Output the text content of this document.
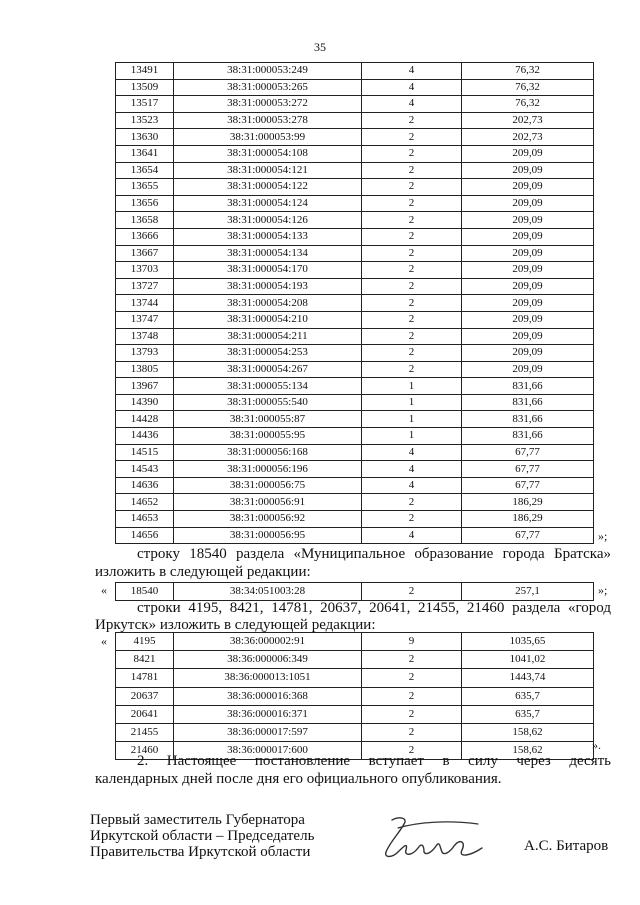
35
13491	38:31:000053:249	4	76,32
13509	38:31:000053:265	4	76,32
13517	38:31:000053:272	4	76,32
13523	38:31:000053:278	2	202,73
13630	38:31:000053:99	2	202,73
13641	38:31:000054:108	2	209,09
13654	38:31:000054:121	2	209,09
13655	38:31:000054:122	2	209,09
13656	38:31:000054:124	2	209,09
13658	38:31:000054:126	2	209,09
13666	38:31:000054:133	2	209,09
13667	38:31:000054:134	2	209,09
13703	38:31:000054:170	2	209,09
13727	38:31:000054:193	2	209,09
13744	38:31:000054:208	2	209,09
13747	38:31:000054:210	2	209,09
13748	38:31:000054:211	2	209,09
13793	38:31:000054:253	2	209,09
13805	38:31:000054:267	2	209,09
13967	38:31:000055:134	1	831,66
14390	38:31:000055:540	1	831,66
14428	38:31:000055:87	1	831,66
14436	38:31:000055:95	1	831,66
14515	38:31:000056:168	4	67,77
14543	38:31:000056:196	4	67,77
14636	38:31:000056:75	4	67,77
14652	38:31:000056:91	2	186,29
14653	38:31:000056:92	2	186,29
14656	38:31:000056:95	4	67,77	»;
строку 18540 раздела «Муниципальное образование города Братска»
изложить в следующей редакции:
« 18540	38:34:051003:28	2	257,1	»;
строки 4195, 8421, 14781, 20637, 20641, 21455, 21460 раздела «город
Иркутск» изложить в следующей редакции:
« 4195	38:36:000002:91	9	1035,65
8421	38:36:000006:349	2	1041,02
14781	38:36:000013:1051	2	1443,74
20637	38:36:000016:368	2	635,7
20641	38:36:000016:371	2	635,7
21455	38:36:000017:597	2	158,62
21460	38:36:000017:600	2	158,62	».
2. Настоящее постановление вступает в силу через десять
календарных дней после дня его официального опубликования.
Первый заместитель Губернатора
Иркутской области – Председатель
Правительства Иркутской области	А.С. Битаров
